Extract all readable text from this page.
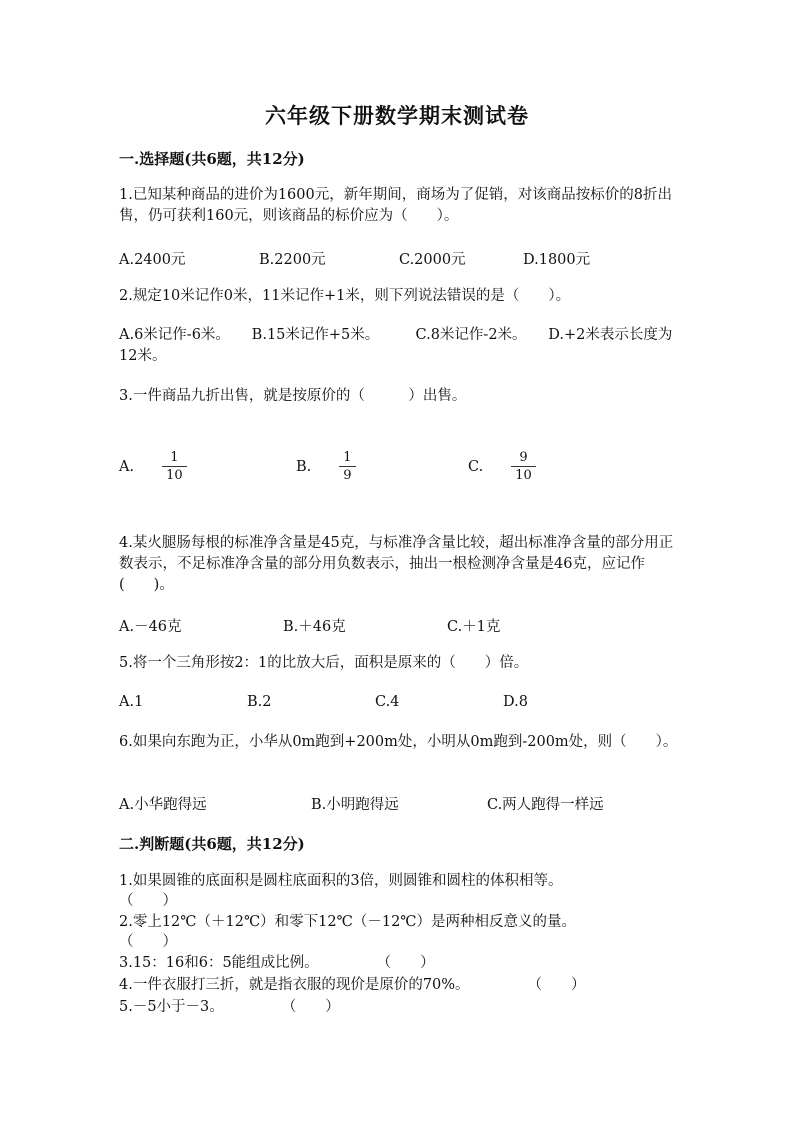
六年级下册数学期末测试卷
一.选择题(共6题，共12分)
1.已知某种商品的进价为1600元，新年期间，商场为了促销，对该商品按标价的8折出售，仍可获利160元，则该商品的标价应为（　　）。
A.2400元	B.2200元	C.2000元	D.1800元
2.规定10米记作0米，11米记作+1米，则下列说法错误的是（　　）。
A.6米记作-6米。　　B.15米记作+5米。　　　C.8米记作-2米。　　D.+2米表示长度为12米。
3.一件商品九折出售，就是按原价的（　　　）出售。
A. $\frac{1}{10}$	B. $\frac{1}{9}$	C. $\frac{9}{10}$
4.某火腿肠每根的标准净含量是45克，与标准净含量比较，超出标准净含量的部分用正数表示，不足标准净含量的部分用负数表示，抽出一根检测净含量是46克，应记作(　　)。
A.－46克	B.＋46克	C.＋1克
5.将一个三角形按2：1的比放大后，面积是原来的（　　）倍。
A.1	B.2	C.4	D.8
6.如果向东跑为正，小华从0m跑到+200m处，小明从0m跑到-200m处，则（　　）。
A.小华跑得远	B.小明跑得远	C.两人跑得一样远
二.判断题(共6题，共12分)
1.如果圆锥的底面积是圆柱底面积的3倍，则圆锥和圆柱的体积相等。
（　　）
2.零上12℃（＋12℃）和零下12℃（－12℃）是两种相反意义的量。
（　　）
3.15：16和6：5能组成比例。　　　　　（　　）
4.一件衣服打三折，就是指衣服的现价是原价的70%。　　　　　（　　）
5.－5小于－3。　　　　　（　　）
